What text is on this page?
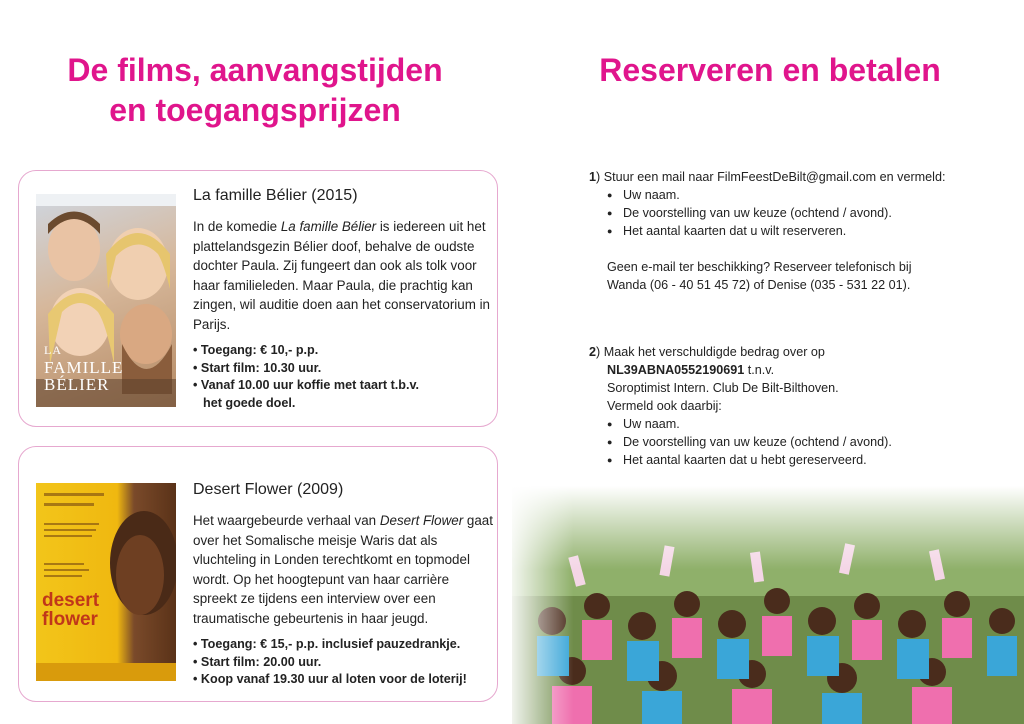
De films, aanvangstijden
en toegangsprijzen
Reserveren en betalen
LA
FAMILLE
BÉLIER
La famille Bélier (2015)

In de komedie La famille Bélier is iedereen uit het plattelandsgezin Bélier doof, behalve de oudste dochter Paula. Zij fungeert dan ook als tolk voor haar familieleden. Maar Paula, die prachtig kan zingen, wil auditie doen aan het conservatorium in Parijs.

• Toegang: € 10,- p.p.
• Start film: 10.30 uur.
• Vanaf 10.00 uur koffie met taart t.b.v.
het goede doel.
desert
flower
Desert Flower (2009)

Het waargebeurde verhaal van Desert Flower gaat over het Somalische meisje Waris dat als vluchteling in Londen terechtkomt en topmodel wordt. Op het hoogtepunt van haar carrière spreekt ze tijdens een interview over een traumatische gebeurtenis in haar jeugd.

• Toegang: € 15,- p.p. inclusief pauzedrankje.
• Start film: 20.00 uur.
• Koop vanaf 19.30 uur al loten voor de loterij!

1) Stuur een mail naar FilmFeestDeBilt@gmail.com en vermeld:

● Uw naam.
● De voorstelling van uw keuze (ochtend / avond).
● Het aantal kaarten dat u wilt reserveren.

Geen e-mail ter beschikking? Reserveer telefonisch bij

Wanda (06 - 40 51 45 72) of Denise (035 - 531 22 01).

2) Maak het verschuldigde bedrag over op

NL39ABNA0552190691 t.n.v.

Soroptimist Intern. Club De Bilt-Bilthoven.

Vermeld ook daarbij:

● Uw naam.
● De voorstelling van uw keuze (ochtend / avond).
● Het aantal kaarten dat u hebt gereserveerd.
